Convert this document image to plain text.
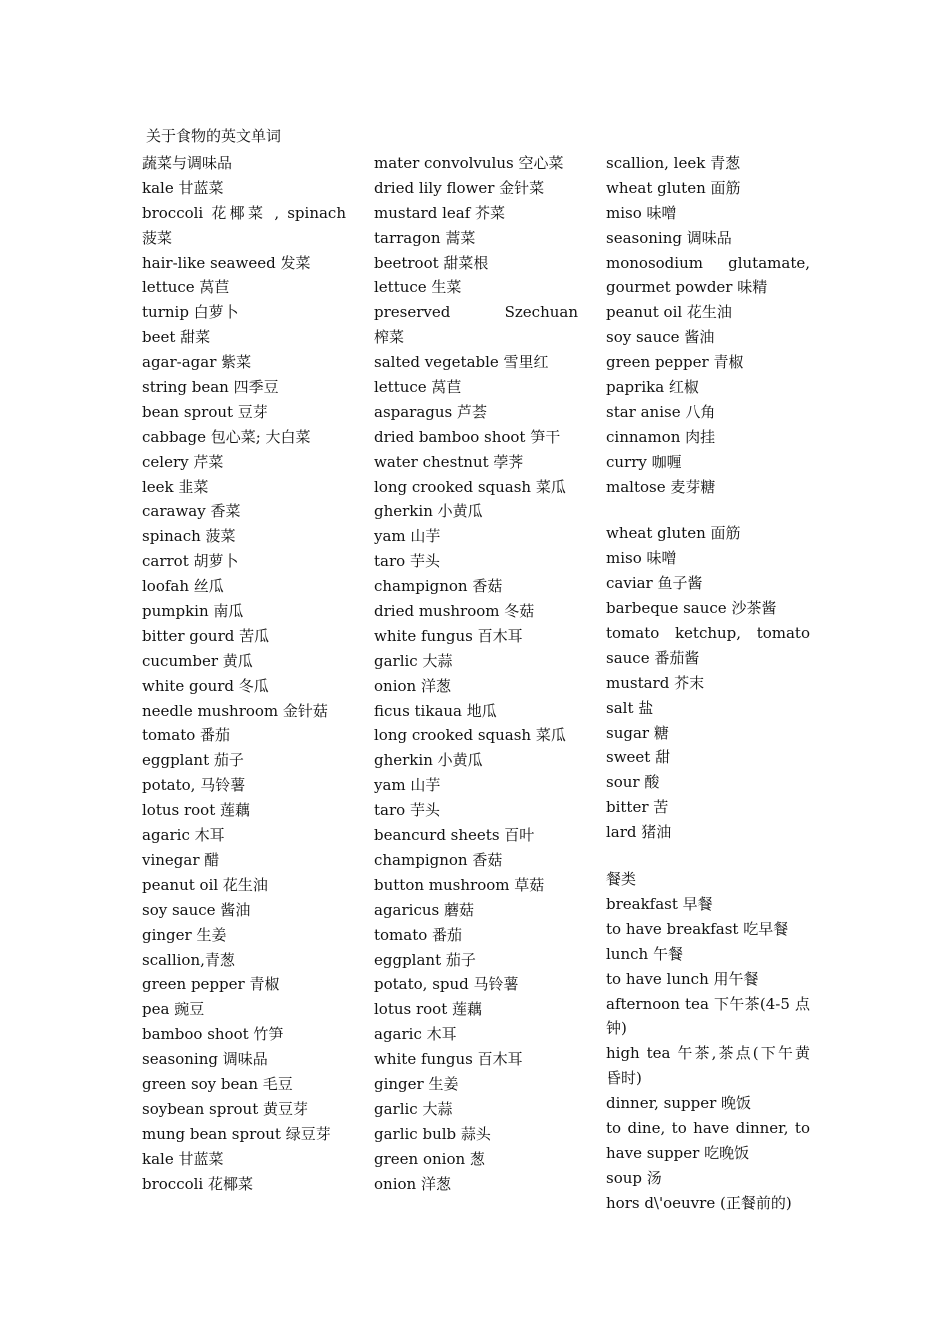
关于食物的英文单词
蔬菜与调味品
kale 甘蓝菜
broccoli 花椰菜 , spinach
菠菜
hair-like seaweed 发菜
lettuce 莴苣
turnip 白萝卜
beet 甜菜
agar-agar 紫菜
string bean 四季豆
bean sprout 豆芽
cabbage 包心菜; 大白菜
celery 芹菜
leek 韭菜
caraway 香菜
spinach 菠菜
carrot 胡萝卜
loofah 丝瓜
pumpkin 南瓜
bitter gourd 苦瓜
cucumber 黄瓜
white gourd 冬瓜
needle mushroom 金针菇
tomato 番茄
eggplant 茄子
potato, 马铃薯
lotus root 莲藕
agaric 木耳
vinegar 醋
peanut oil 花生油
soy sauce 酱油
ginger 生姜
scallion,青葱
green pepper 青椒
pea 豌豆
bamboo shoot 竹笋
seasoning 调味品
green soy bean 毛豆
soybean sprout 黄豆芽
mung bean sprout 绿豆芽
kale 甘蓝菜
broccoli 花椰菜
mater convolvulus 空心菜
dried lily flower 金针菜
mustard leaf 芥菜
tarragon 蒿菜
beetroot 甜菜根
lettuce 生菜
preserved Szechuan
榨菜
salted vegetable 雪里红
lettuce 莴苣
asparagus 芦荟
dried bamboo shoot 笋干
water chestnut 荸荠
long crooked squash 菜瓜
gherkin 小黄瓜
yam 山芋
taro 芋头
champignon 香菇
dried mushroom 冬菇
white fungus 百木耳
garlic 大蒜
onion 洋葱
ficus tikaua 地瓜
long crooked squash 菜瓜
gherkin 小黄瓜
yam 山芋
taro 芋头
beancurd sheets 百叶
champignon 香菇
button mushroom 草菇
agaricus 蘑菇
tomato 番茄
eggplant 茄子
potato, spud 马铃薯
lotus root 莲藕
agaric 木耳
white fungus 百木耳
ginger 生姜
garlic 大蒜
garlic bulb 蒜头
green onion 葱
onion 洋葱
scallion, leek 青葱
wheat gluten 面筋
miso 味噌
seasoning 调味品
monosodium glutamate,
gourmet powder 味精
peanut oil 花生油
soy sauce 酱油
green pepper 青椒
paprika 红椒
star anise 八角
cinnamon 肉挂
curry 咖喱
maltose 麦芽糖
wheat gluten 面筋
miso 味噌
caviar 鱼子酱
barbeque sauce 沙茶酱
tomato ketchup, tomato
sauce 番茄酱
mustard 芥末
salt 盐
sugar 糖
sweet 甜
sour 酸
bitter 苦
lard 猪油
餐类
breakfast 早餐
to have breakfast 吃早餐
lunch 午餐
to have lunch 用午餐
afternoon tea 下午茶(4-5 点
钟)
high tea 午茶,茶点(下午黄
昏时)
dinner, supper 晚饭
to dine, to have dinner, to
have supper 吃晚饭
soup 汤
hors d\'oeuvre (正餐前的)
